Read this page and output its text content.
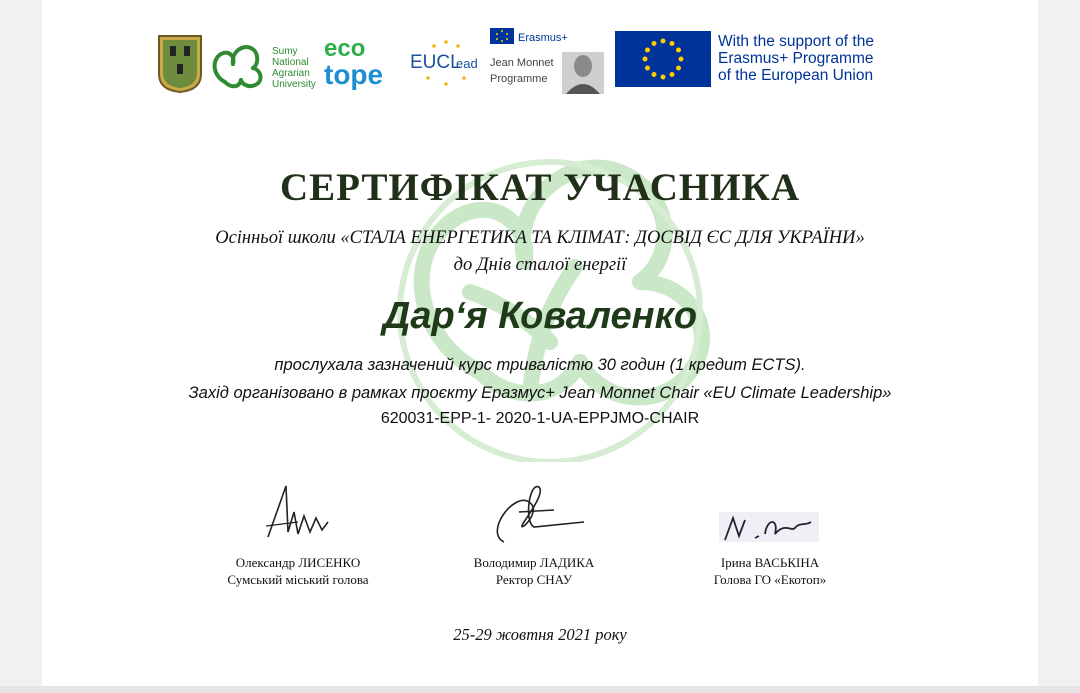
Sumy
National
Agrarian
University
eco
tope EUCL
ead
Erasmus+
Jean Monnet
Programme
With the support of the
Erasmus+ Programme
of the European Union
СЕРТИФІКАТ УЧАСНИКА

Осінньої школи «СТАЛА ЕНЕРГЕТИКА ТА КЛІМАТ: ДОСВІД ЄС ДЛЯ УКРАЇНИ»

до Днів сталої енергії

Дар‘я Коваленко

прослухала зазначений курс тривалістю 30 годин (1 кредит ECTS).

Захід організовано в рамках проєкту Еразмус+ Jean Monnet Chair «EU Climate Leadership»

620031-EPP-1- 2020-1-UA-EPPJMO-CHAIR

Олександр ЛИСЕНКО
Сумський міський голова
Володимир ЛАДИКА
Ректор СНАУ
Ірина ВАСЬКІНА
Голова ГО «Екотоп»

25-29 жовтня 2021 року
